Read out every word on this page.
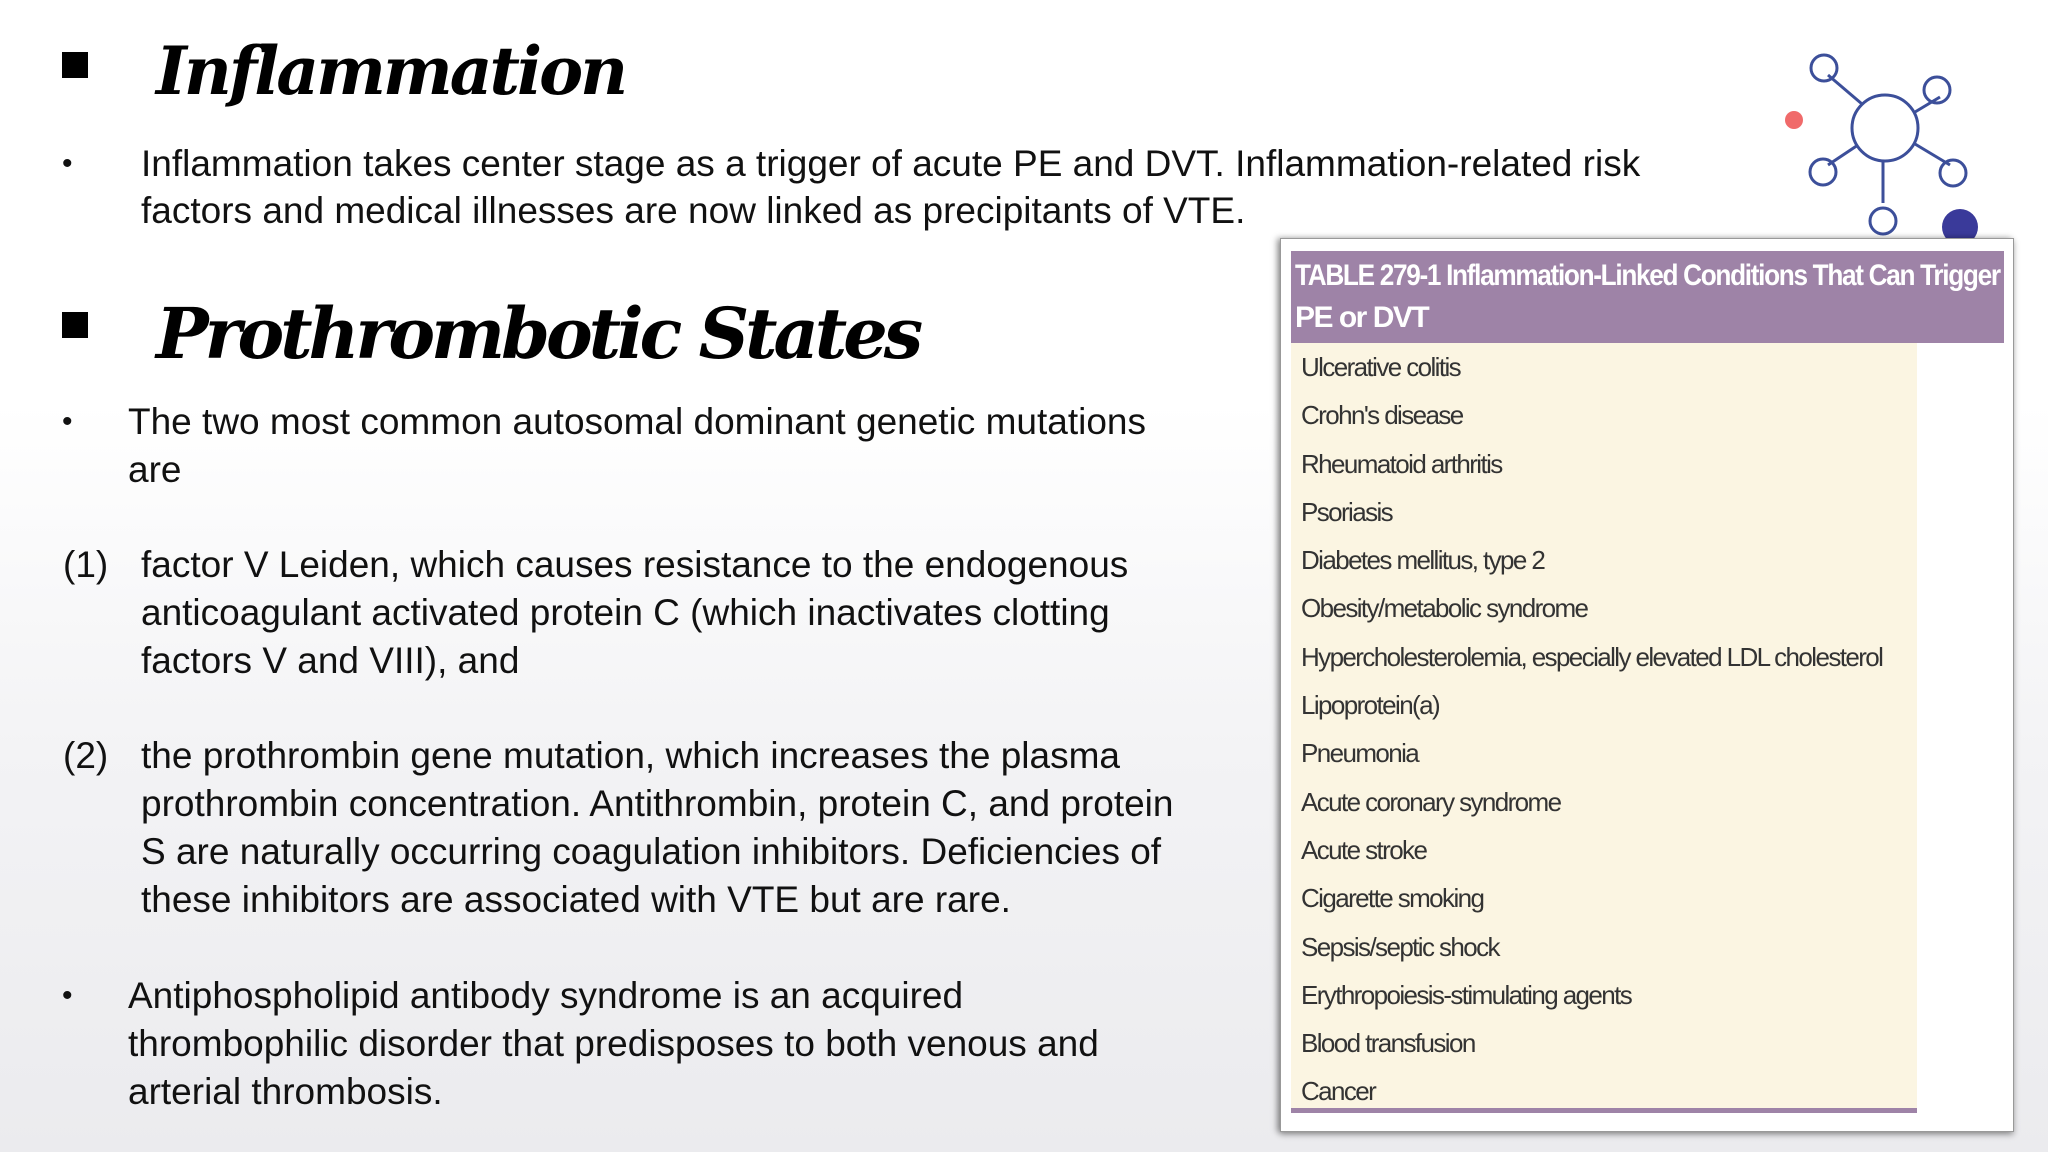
Inflammation
• Inflammation takes center stage as a trigger of acute PE and DVT. Inflammation-related risk

factors and medical illnesses are now linked as precipitants of VTE.

Prothrombotic States
• The two most common autosomal dominant genetic mutations

are

(1) factor V Leiden, which causes resistance to the endogenous

anticoagulant activated protein C (which inactivates clotting

factors V and VIII), and

(2) the prothrombin gene mutation, which increases the plasma

prothrombin concentration. Antithrombin, protein C, and protein

S are naturally occurring coagulation inhibitors. Deficiencies of

these inhibitors are associated with VTE but are rare.

• Antiphospholipid antibody syndrome is an acquired

thrombophilic disorder that predisposes to both venous and

arterial thrombosis.

TABLE 279-1 Inflammation-Linked Conditions That Can Trigger
PE or DVT
Ulcerative colitis
Crohn's disease
Rheumatoid arthritis
Psoriasis
Diabetes mellitus, type 2
Obesity/metabolic syndrome
Hypercholesterolemia, especially elevated LDL cholesterol
Lipoprotein(a)
Pneumonia
Acute coronary syndrome
Acute stroke
Cigarette smoking
Sepsis/septic shock
Erythropoiesis-stimulating agents
Blood transfusion
Cancer
